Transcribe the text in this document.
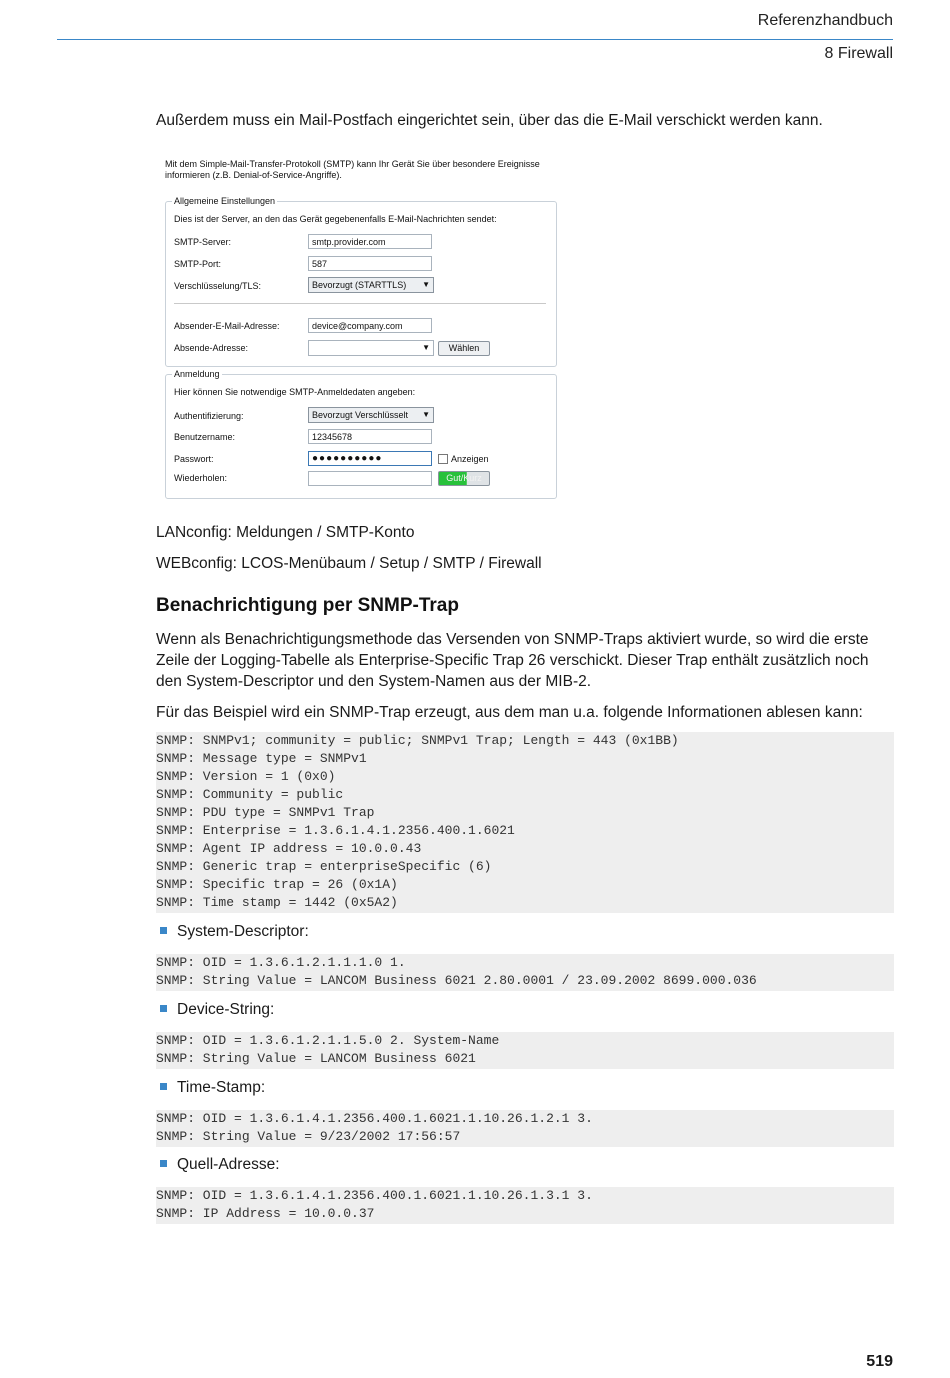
Referenzhandbuch
8 Firewall

Außerdem muss ein Mail-Postfach eingerichtet sein, über das die E-Mail verschickt werden kann.

Mit dem Simple-Mail-Transfer-Protokoll (SMTP) kann Ihr Gerät Sie über besondere Ereignisse informieren (z.B. Denial-of-Service-Angriffe).

Allgemeine Einstellungen
Dies ist der Server, an den das Gerät gegebenenfalls E-Mail-Nachrichten sendet:
SMTP-Server:	smtp.provider.com
SMTP-Port:	587
Verschlüsselung/TLS:	Bevorzugt (STARTTLS) ▼
Absender-E-Mail-Adresse:	device@company.com
Absende-Adresse:	▼	Wählen
Anmeldung
Hier können Sie notwendige SMTP-Anmeldedaten angeben:
Authentifizierung:	Bevorzugt Verschlüsselt ▼
Benutzername:	12345678
Passwort:	●●●●●●●●●●	Anzeigen
Wiederholen:	Gut/Kurz

LANconfig: Meldungen / SMTP-Konto

WEBconfig: LCOS-Menübaum / Setup / SMTP / Firewall

Benachrichtigung per SNMP-Trap

Wenn als Benachrichtigungsmethode das Versenden von SNMP-Traps aktiviert wurde, so wird die erste Zeile der Logging-Tabelle als Enterprise-Specific Trap 26 verschickt. Dieser Trap enthält zusätzlich noch den System-Descriptor und den System-Namen aus der MIB-2.

Für das Beispiel wird ein SNMP-Trap erzeugt, aus dem man u.a. folgende Informationen ablesen kann:

SNMP: SNMPv1; community = public; SNMPv1 Trap; Length = 443 (0x1BB)
SNMP: Message type = SNMPv1
SNMP: Version = 1 (0x0)
SNMP: Community = public
SNMP: PDU type = SNMPv1 Trap
SNMP: Enterprise = 1.3.6.1.4.1.2356.400.1.6021
SNMP: Agent IP address = 10.0.0.43
SNMP: Generic trap = enterpriseSpecific (6)
SNMP: Specific trap = 26 (0x1A)
SNMP: Time stamp = 1442 (0x5A2)
System-Descriptor:
SNMP: OID = 1.3.6.1.2.1.1.1.0 1.
SNMP: String Value = LANCOM Business 6021 2.80.0001 / 23.09.2002 8699.000.036
Device-String:
SNMP: OID = 1.3.6.1.2.1.1.5.0 2. System-Name
SNMP: String Value = LANCOM Business 6021
Time-Stamp:
SNMP: OID = 1.3.6.1.4.1.2356.400.1.6021.1.10.26.1.2.1 3.
SNMP: String Value = 9/23/2002 17:56:57
Quell-Adresse:
SNMP: OID = 1.3.6.1.4.1.2356.400.1.6021.1.10.26.1.3.1 3.
SNMP: IP Address = 10.0.0.37
519
